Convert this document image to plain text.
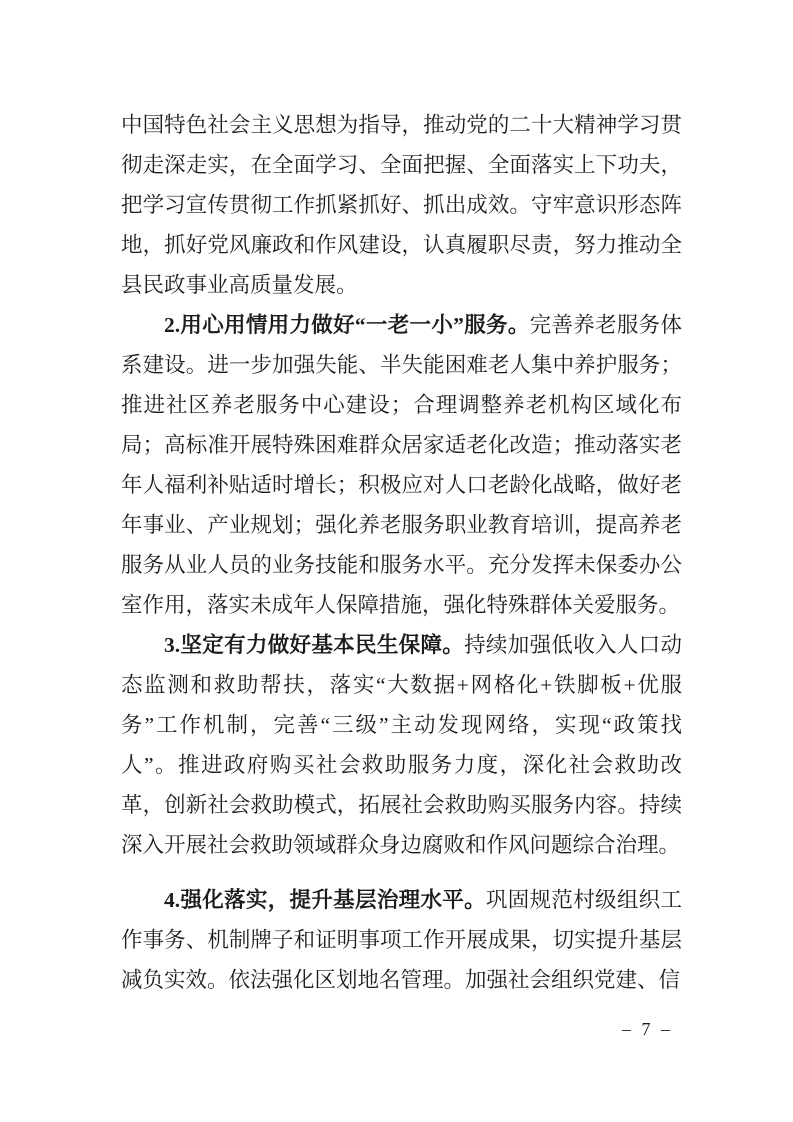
中国特色社会主义思想为指导，推动党的二十大精神学习贯彻走深走实，在全面学习、全面把握、全面落实上下功夫，把学习宣传贯彻工作抓紧抓好、抓出成效。守牢意识形态阵地，抓好党风廉政和作风建设，认真履职尽责，努力推动全县民政事业高质量发展。

2.用心用情用力做好“一老一小”服务。完善养老服务体系建设。进一步加强失能、半失能困难老人集中养护服务；推进社区养老服务中心建设；合理调整养老机构区域化布局；高标准开展特殊困难群众居家适老化改造；推动落实老年人福利补贴适时增长；积极应对人口老龄化战略，做好老年事业、产业规划；强化养老服务职业教育培训，提高养老服务从业人员的业务技能和服务水平。充分发挥未保委办公室作用，落实未成年人保障措施，强化特殊群体关爱服务。

3.坚定有力做好基本民生保障。持续加强低收入人口动态监测和救助帮扶，落实“大数据+网格化+铁脚板+优服务”工作机制，完善“三级”主动发现网络，实现“政策找人”。推进政府购买社会救助服务力度，深化社会救助改革，创新社会救助模式，拓展社会救助购买服务内容。持续深入开展社会救助领域群众身边腐败和作风问题综合治理。

4.强化落实，提升基层治理水平。巩固规范村级组织工作事务、机制牌子和证明事项工作开展成果，切实提升基层减负实效。依法强化区划地名管理。加强社会组织党建、信

– 7 –
